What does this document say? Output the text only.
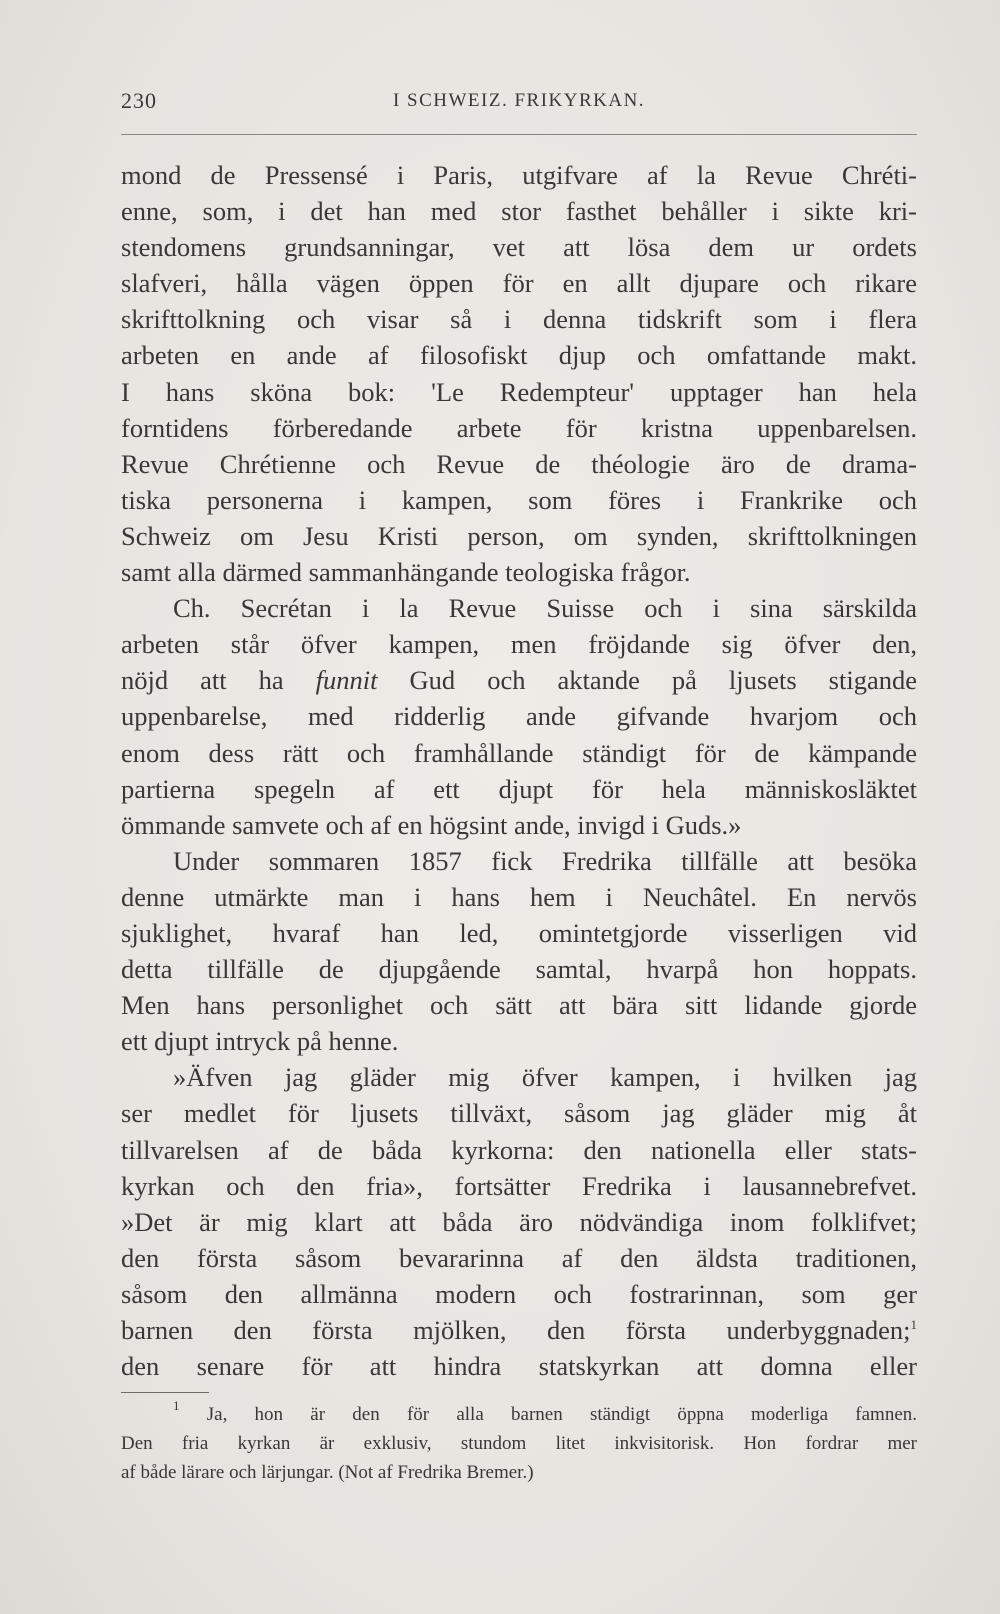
230	I SCHWEIZ. FRIKYRKAN.
mond de Pressensé i Paris, utgifvare af la Revue Chréti-
enne, som, i det han med stor fasthet behåller i sikte kri-
stendomens grundsanningar, vet att lösa dem ur ordets
slafveri, hålla vägen öppen för en allt djupare och rikare
skrifttolkning och visar så i denna tidskrift som i flera
arbeten en ande af filosofiskt djup och omfattande makt.
I hans sköna bok: 'Le Redempteur' upptager han hela
forntidens förberedande arbete för kristna uppenbarelsen.
Revue Chrétienne och Revue de théologie äro de drama-
tiska personerna i kampen, som föres i Frankrike och
Schweiz om Jesu Kristi person, om synden, skrifttolkningen
samt alla därmed sammanhängande teologiska frågor.
Ch. Secrétan i la Revue Suisse och i sina särskilda
arbeten står öfver kampen, men fröjdande sig öfver den,
nöjd att ha funnit Gud och aktande på ljusets stigande
uppenbarelse, med ridderlig ande gifvande hvarjom och
enom dess rätt och framhållande ständigt för de kämpande
partierna spegeln af ett djupt för hela människosläktet
ömmande samvete och af en högsint ande, invigd i Guds.»
Under sommaren 1857 fick Fredrika tillfälle att besöka
denne utmärkte man i hans hem i Neuchâtel. En nervös
sjuklighet, hvaraf han led, omintetgjorde visserligen vid
detta tillfälle de djupgående samtal, hvarpå hon hoppats.
Men hans personlighet och sätt att bära sitt lidande gjorde
ett djupt intryck på henne.
»Äfven jag gläder mig öfver kampen, i hvilken jag
ser medlet för ljusets tillväxt, såsom jag gläder mig åt
tillvarelsen af de båda kyrkorna: den nationella eller stats-
kyrkan och den fria», fortsätter Fredrika i lausannebrefvet.
»Det är mig klart att båda äro nödvändiga inom folklifvet;
den första såsom bevararinna af den äldsta traditionen,
såsom den allmänna modern och fostrarinnan, som ger
barnen den första mjölken, den första underbyggnaden;$^1$
den senare för att hindra statskyrkan att domna eller
$^1$ Ja, hon är den för alla barnen ständigt öppna moderliga famnen.
Den fria kyrkan är exklusiv, stundom litet inkvisitorisk. Hon fordrar mer
af både lärare och lärjungar. (Not af Fredrika Bremer.)
